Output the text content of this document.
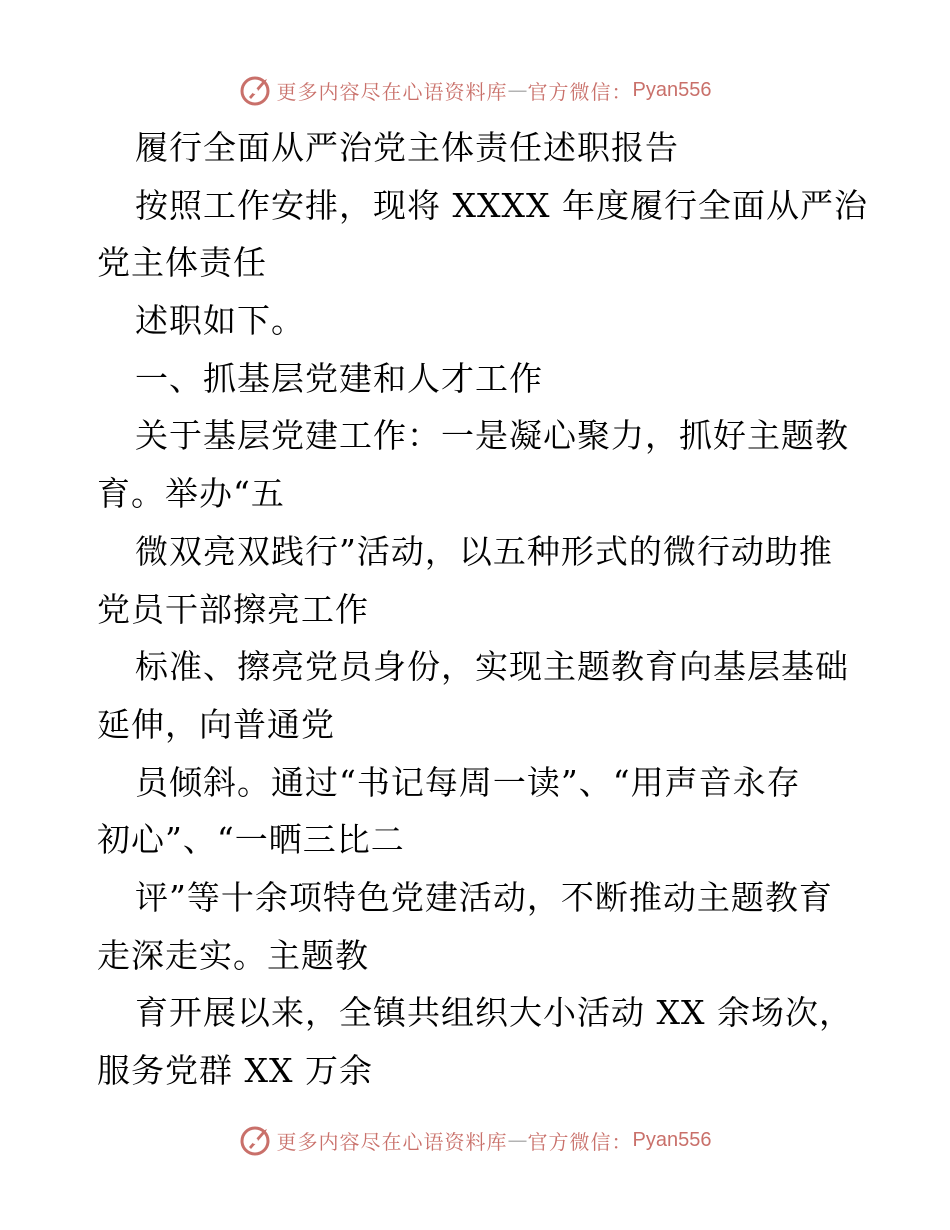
更多内容尽在心语资料库 — 官方微信： Pyan556
履行全面从严治党主体责任述职报告
按照工作安排，现将 XXXX 年度履行全面从严治
党主体责任
述职如下。
一、抓基层党建和人才工作
关于基层党建工作：一是凝心聚力，抓好主题教
育。举办“五
微双亮双践行”活动，以五种形式的微行动助推
党员干部擦亮工作
标准、擦亮党员身份，实现主题教育向基层基础
延伸，向普通党
员倾斜。通过“书记每周一读”、“用声音永存
初心”、“一晒三比二
评”等十余项特色党建活动，不断推动主题教育
走深走实。主题教
育开展以来，全镇共组织大小活动 XX 余场次，
服务党群 XX 万余
更多内容尽在心语资料库 — 官方微信： Pyan556
